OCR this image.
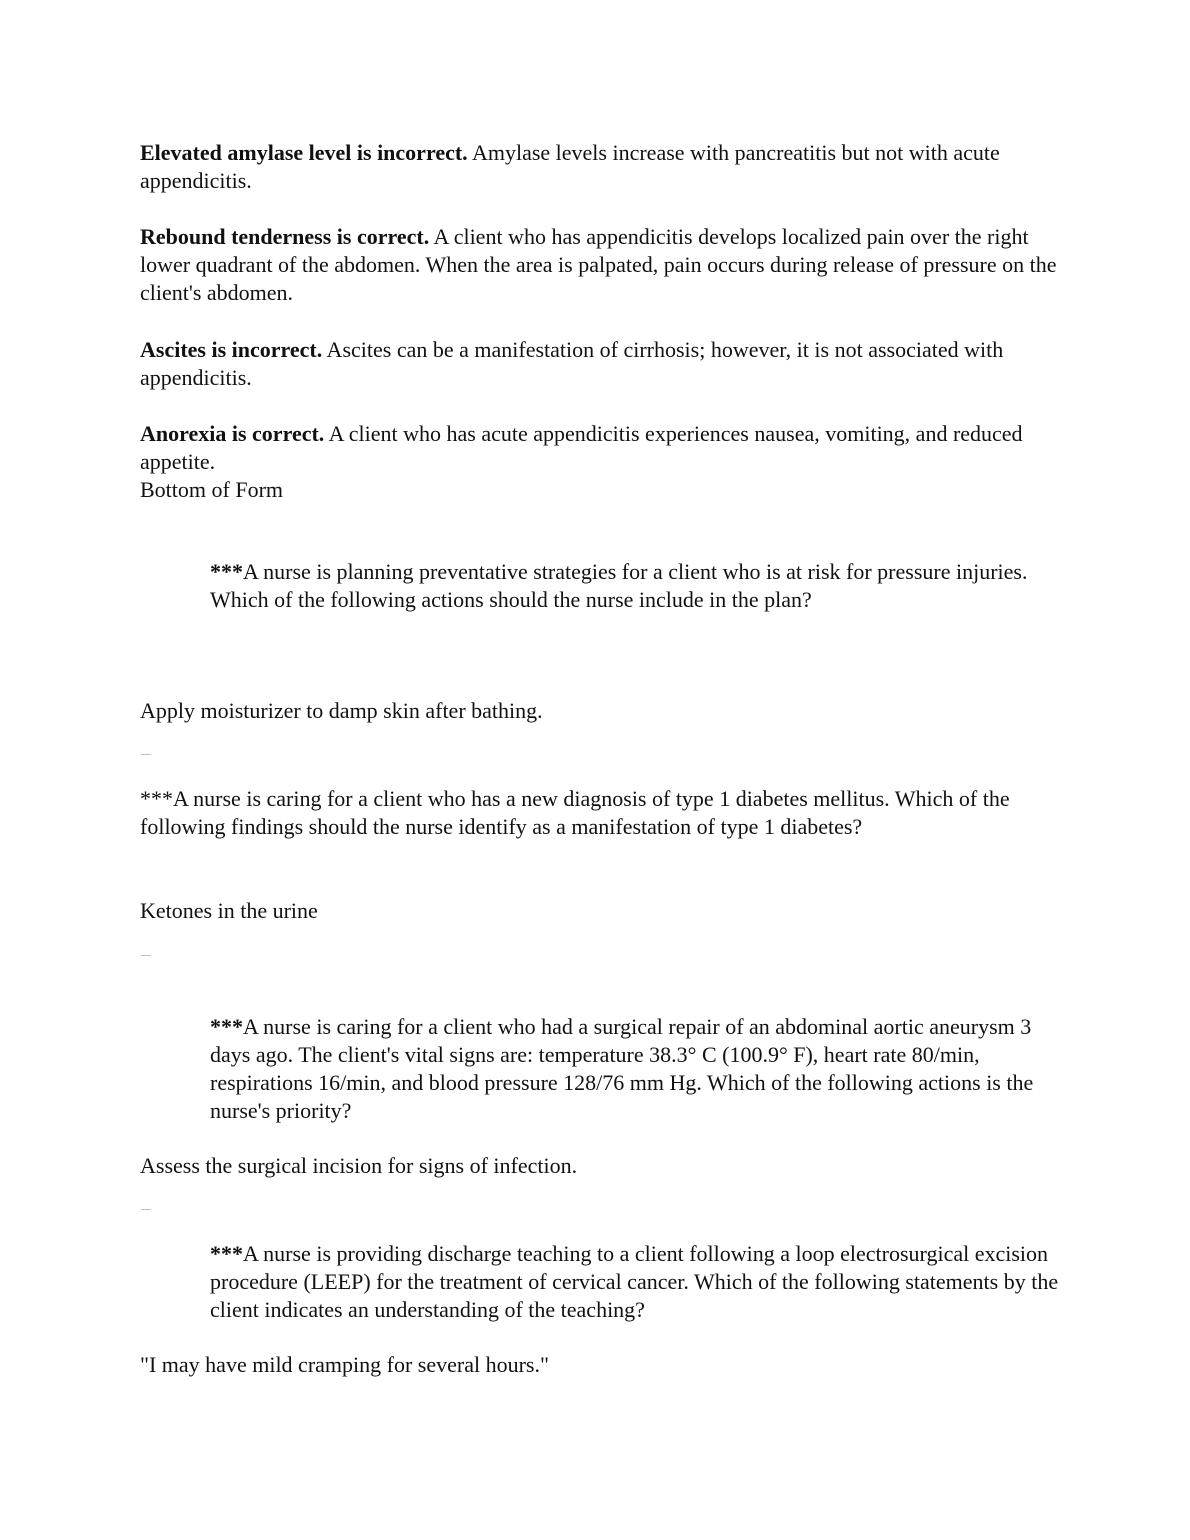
Elevated amylase level is incorrect. Amylase levels increase with pancreatitis but not with acute appendicitis.

Rebound tenderness is correct. A client who has appendicitis develops localized pain over the right lower quadrant of the abdomen. When the area is palpated, pain occurs during release of pressure on the client's abdomen.

Ascites is incorrect. Ascites can be a manifestation of cirrhosis; however, it is not associated with appendicitis.

Anorexia is correct. A client who has acute appendicitis experiences nausea, vomiting, and reduced appetite.

Bottom of Form

***A nurse is planning preventative strategies for a client who is at risk for pressure injuries. Which of the following actions should the nurse include in the plan?

Apply moisturizer to damp skin after bathing.

***A nurse is caring for a client who has a new diagnosis of type 1 diabetes mellitus. Which of the following findings should the nurse identify as a manifestation of type 1 diabetes?

Ketones in the urine

***A nurse is caring for a client who had a surgical repair of an abdominal aortic aneurysm 3 days ago. The client's vital signs are: temperature 38.3° C (100.9° F), heart rate 80/min, respirations 16/min, and blood pressure 128/76 mm Hg. Which of the following actions is the nurse's priority?

Assess the surgical incision for signs of infection.

***A nurse is providing discharge teaching to a client following a loop electrosurgical excision procedure (LEEP) for the treatment of cervical cancer. Which of the following statements by the client indicates an understanding of the teaching?

"I may have mild cramping for several hours."
